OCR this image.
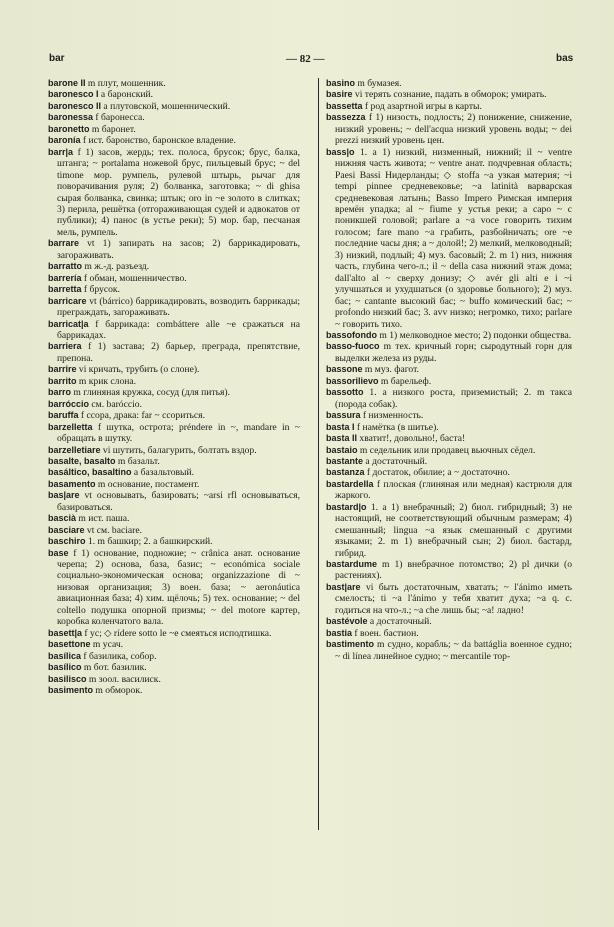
bar	— 82 —	bas

barone II m плут, мошенник.

baronesco I a баронский.

baronesco II a плутовской, мошеннический.

baronessa f баронесса.

baronetto m баронет.

baronía f ист. баронство, баронское владение.

barr|a f 1) засов, жердь; тех. полоса, брусок; брус, балка, штанга; ~ portalama ножевой брус, пильцевый брус; ~ del timone мор. румпель, рулевой штырь, рычаг для поворачивания руля; 2) болванка, заготовка; ~ di ghisa сырая болванка, свинка; штык; oro in ~e золото в слитках; 3) перила, решётка (отгораживающая судей и адвокатов от публики); 4) панос (в устье реки); 5) мор. бар, песчаная мель, румпель.

barrare vt 1) запирать на засов; 2) баррикадировать, загораживать.

barratto m ж.-д. разъезд.

barrería f обман, мошенничество.

barretta f брусок.

barricare vt (bárrico) баррикадировать, возводить баррикады; преграждать, загораживать.

barricat|a f баррикада: combáttere alle ~e сражаться на баррикадах.

barriera f 1) застава; 2) барьер, преграда, препятствие, препона.

barrire vi кричать, трубить (о слоне).

barrito m крик слона.

barro m глиняная кружка, сосуд (для питья).

barróccio см. baróccio.

baruffa f ссора, драка: far ~ ссориться.

barzelletta f шутка, острота; préndere in ~, mandare in ~ обращать в шутку.

barzelletiare vi шутить, балагурить, болтать вздор.

basalte, basalto m базальт.

basáltico, basaltino a базальтовый.

basamento m основание, постамент.

bas|are vt основывать, базировать; ~arsi rfl основываться, базироваться.

bascià m ист. паша.

basciare vt см. baciare.

baschiro 1. m башкир; 2. a башкирский.

base f 1) основание, подножие; ~ crânica анат. основание черепа; 2) основа, база, базис; ~ económica sociale социально-экономическая основа; organizzazione di ~ низовая организация; 3) воен. база; ~ aeronáutica авиационная база; 4) хим. щёлочь; 5) тех. основание; ~ del coltello подушка опорной призмы; ~ del motore картер, коробка коленчатого вала.

basett|a f ус; ◇ rídere sotto le ~e смеяться исподтишка.

basettone m усач.

basílica f базилика, собор.

basílico m бот. базилик.

basilisco m зоол. василиск.

basimento m обморок.

basino m бумазея.

basire vi терять сознание, падать в обморок; умирать.

bassetta f род азартной игры в карты.

bassezza f 1) низость, подлость; 2) понижение, снижение, низкий уровень; ~ dell'acqua низкий уровень воды; ~ dei prezzi низкий уровень цен.

bass|o 1. a 1) низкий, низменный, нижний; il ~ ventre нижняя часть живота; ~ ventre анат. подчревная область; Paesi Bassi Нидерланды; ◇ stoffa ~a узкая материя; ~i tempi pinnee средневековье; ~a latinità варварская средневековая латынь; Basso Impero Римская империя времён упадка; al ~ fiume у устья реки; a capo ~ с поникшей головой; parlare a ~a voce говорить тихим голосом; fare mano ~a грабить, разбойничать; ore ~e последние часы дня; a ~ долой!; 2) мелкий, мелководный; 3) низкий, подлый; 4) муз. басовый; 2. m 1) низ, нижняя часть, глубина чего-л.; il ~ della casa нижний этаж дома; dall'alto al ~ сверху донизу; ◇ avér gli alti e i ~i улучшаться и ухудшаться (о здоровье больного); 2) муз. бас; ~ cantante высокий бас; ~ buffo комический бас; ~ profondo низкий бас; 3. avv низко; негромко, тихо; parlare ~ говорить тихо.

bassofondo m 1) мелководное место; 2) подонки общества.

basso-fuoco m тех. кричный горн; сыродутный горн для выделки железа из руды.

bassone m муз. фагот.

bassorilievo m барельеф.

bassotto 1. a низкого роста, приземистый; 2. m такса (порода собак).

bassura f низменность.

basta I f намётка (в шитье).

basta II хватит!, довольно!, баста!

bastaio m седельник или продавец вьючных сёдел.

bastante a достаточный.

bastanza f достаток, обилие; a ~ достаточно.

bastardella f плоская (глиняная или медная) кастрюля для жаркого.

bastard|o 1. a 1) внебрачный; 2) биол. гибридный; 3) не настоящий, не соответствующий обычным размерам; 4) смешанный; lingua ~a язык смешанный с другими языками; 2. m 1) внебрачный сын; 2) биол. бастард, гибрид.

bastardume m 1) внебрачное потомство; 2) pl дички (о растениях).

bast|are vi быть достаточным, хватать; ~ l'ánimo иметь смелость; ti ~a l'ánimo у тебя хватит духа; ~a q. c. годиться на что-л.; ~a che лишь бы; ~a! ладно!

bastévole a достаточный.

bastia f воен. бастион.

bastimento m судно, корабль; ~ da battáglia военное судно; ~ di línea линейное судно; ~ mercantile тор-
